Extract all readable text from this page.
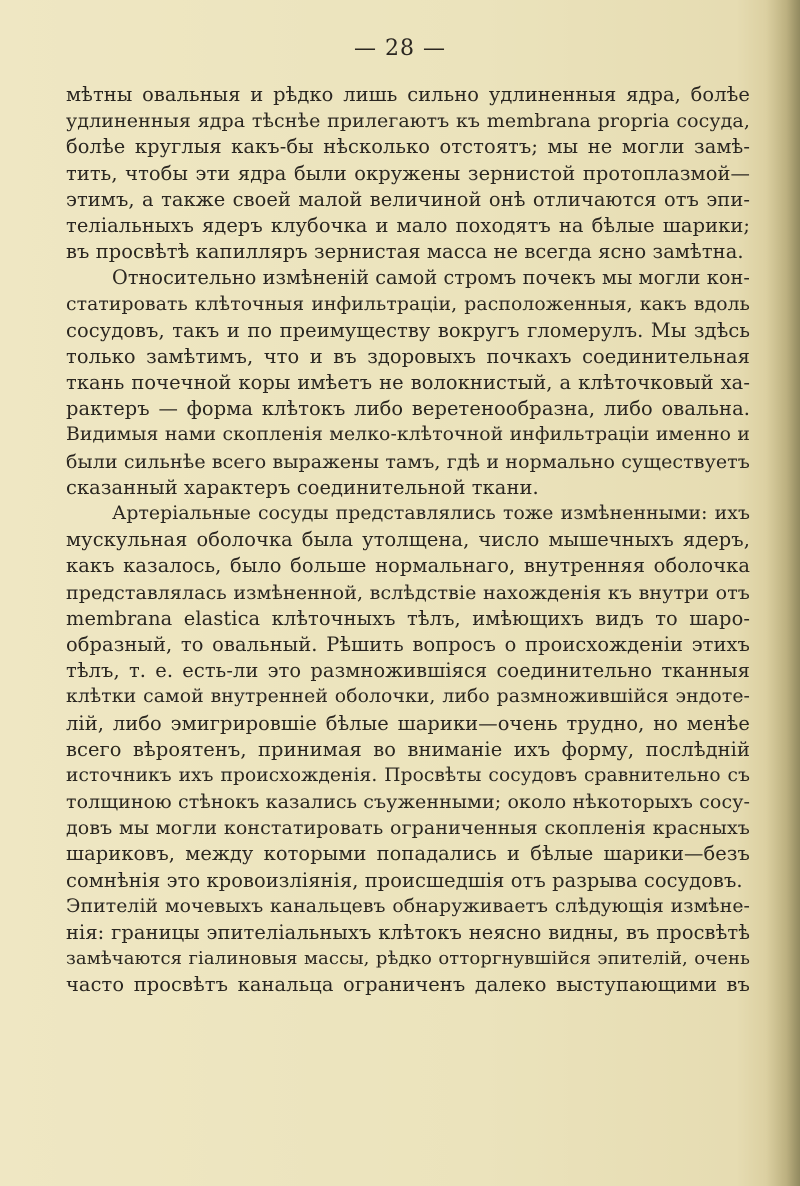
— 28 —
мѣтны овальныя и рѣдко лишь сильно удлиненныя ядра, болѣе
удлиненныя ядра тѣснѣе прилегаютъ къ membrana propria сосуда,
болѣе круглыя какъ-бы нѣсколько отстоятъ; мы не могли замѣ-
тить, чтобы эти ядра были окружены зернистой протоплазмой—
этимъ, а также своей малой величиной онѣ отличаются отъ эпи-
теліальныхъ ядеръ клубочка и мало походятъ на бѣлые шарики;
въ просвѣтѣ капилляръ зернистая масса не всегда ясно замѣтна.
Относительно измѣненій самой стромъ почекъ мы могли кон-
статировать клѣточныя инфильтраціи, расположенныя, какъ вдоль
сосудовъ, такъ и по преимуществу вокругъ гломерулъ. Мы здѣсь
только замѣтимъ, что и въ здоровыхъ почкахъ соединительная
ткань почечной коры имѣетъ не волокнистый, а клѣточковый ха-
рактеръ — форма клѣтокъ либо веретенообразна, либо овальна.
Видимыя нами скопленія мелко-клѣточной инфильтраціи именно и
были сильнѣе всего выражены тамъ, гдѣ и нормально существуетъ
сказанный характеръ соединительной ткани.
Артеріальные сосуды представлялись тоже измѣненными: ихъ
мускульная оболочка была утолщена, число мышечныхъ ядеръ,
какъ казалось, было больше нормальнаго, внутренняя оболочка
представлялась измѣненной, вслѣдствіе нахожденія къ внутри отъ
membrana elastica клѣточныхъ тѣлъ, имѣющихъ видъ то шаро-
образный, то овальный. Рѣшить вопросъ о происхожденіи этихъ
тѣлъ, т. е. есть-ли это размножившіяся соединительно тканныя
клѣтки самой внутренней оболочки, либо размножившійся эндоте-
лій, либо эмигрировшіе бѣлые шарики—очень трудно, но менѣе
всего вѣроятенъ, принимая во вниманіе ихъ форму, послѣдній
источникъ ихъ происхожденія. Просвѣты сосудовъ сравнительно съ
толщиною стѣнокъ казались съуженными; около нѣкоторыхъ сосу-
довъ мы могли констатировать ограниченныя скопленія красныхъ
шариковъ, между которыми попадались и бѣлые шарики—безъ
сомнѣнія это кровоизліянія, происшедшія отъ разрыва сосудовъ.
Эпителій мочевыхъ канальцевъ обнаруживаетъ слѣдующія измѣне-
нія: границы эпителіальныхъ клѣтокъ неясно видны, въ просвѣтѣ
замѣчаются гіалиновыя массы, рѣдко отторгнувшійся эпителій, очень
часто просвѣтъ канальца ограниченъ далеко выступающими въ
